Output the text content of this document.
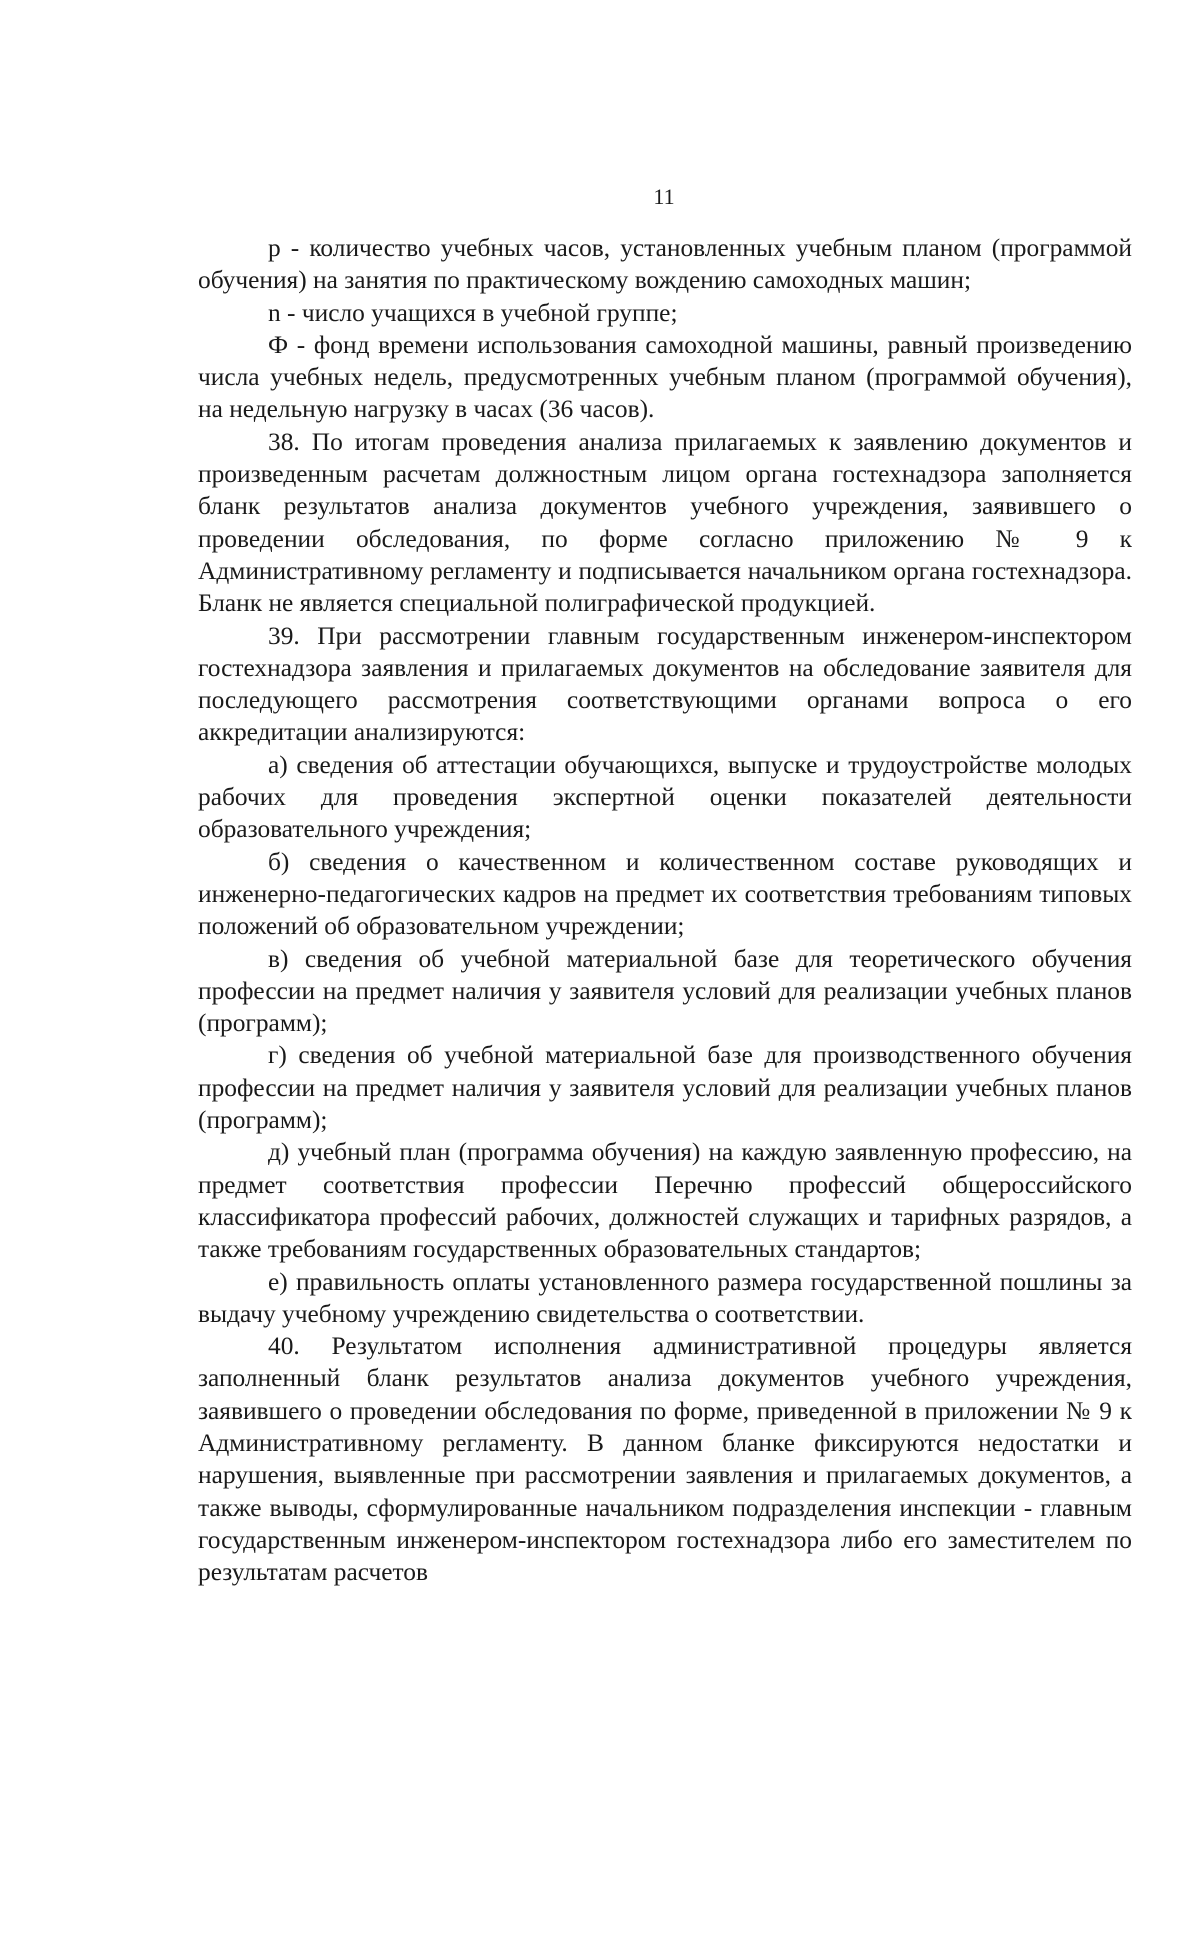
11

р - количество учебных часов, установленных учебным планом (программой обучения) на занятия по практическому вождению самоходных машин;

n - число учащихся в учебной группе;

Ф - фонд времени использования самоходной машины, равный произведению числа учебных недель, предусмотренных учебным планом (программой обучения), на недельную нагрузку в часах (36 часов).

38. По итогам проведения анализа прилагаемых к заявлению документов и произведенным расчетам должностным лицом органа гостехнадзора заполняется бланк результатов анализа документов учебного учреждения, заявившего о проведении обследования, по форме согласно приложению № 9 к Административному регламенту и подписывается начальником органа гостехнадзора. Бланк не является специальной полиграфической продукцией.

39. При рассмотрении главным государственным инженером-инспектором гостехнадзора заявления и прилагаемых документов на обследование заявителя для последующего рассмотрения соответствующими органами вопроса о его аккредитации анализируются:

а) сведения об аттестации обучающихся, выпуске и трудоустройстве молодых рабочих для проведения экспертной оценки показателей деятельности образовательного учреждения;

б) сведения о качественном и количественном составе руководящих и инженерно-педагогических кадров на предмет их соответствия требованиям типовых положений об образовательном учреждении;

в) сведения об учебной материальной базе для теоретического обучения профессии на предмет наличия у заявителя условий для реализации учебных планов (программ);

г) сведения об учебной материальной базе для производственного обучения профессии на предмет наличия у заявителя условий для реализации учебных планов (программ);

д) учебный план (программа обучения) на каждую заявленную профессию, на предмет соответствия профессии Перечню профессий общероссийского классификатора профессий рабочих, должностей служащих и тарифных разрядов, а также требованиям государственных образовательных стандартов;

е) правильность оплаты установленного размера государственной пошлины за выдачу учебному учреждению свидетельства о соответствии.

40. Результатом исполнения административной процедуры является заполненный бланк результатов анализа документов учебного учреждения, заявившего о проведении обследования по форме, приведенной в приложении № 9 к Административному регламенту. В данном бланке фиксируются недостатки и нарушения, выявленные при рассмотрении заявления и прилагаемых документов, а также выводы, сформулированные начальником подразделения инспекции - главным государственным инженером-инспектором гостехнадзора либо его заместителем по результатам расчетов
